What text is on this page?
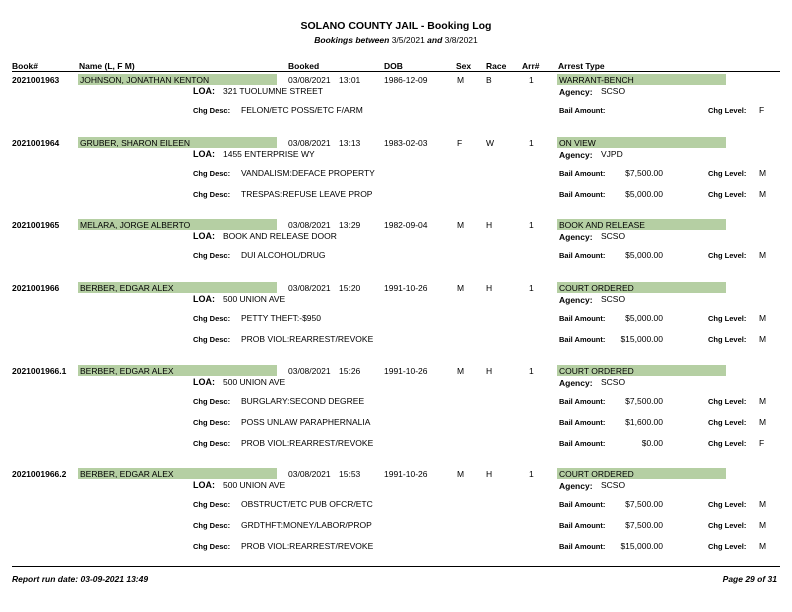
SOLANO COUNTY JAIL - Booking Log
Bookings between 3/5/2021 and 3/8/2021
Book#	Name (L, F M)	Booked	DOB	Sex Race Arr# Arrest Type
2021001963 JOHNSON, JONATHAN KENTON	03/08/2021 13:01	1986-12-09	M	B	1	WARRANT-BENCH
LOA: 321 TUOLUMNE STREET	Agency: SCSO
Chg Desc: FELON/ETC POSS/ETC F/ARM	Bail Amount:	Chg Level: F
2021001964 GRUBER, SHARON EILEEN	03/08/2021 13:13	1983-02-03	F	W	1	ON VIEW
LOA: 1455 ENTERPRISE WY	Agency: VJPD
Chg Desc: VANDALISM:DEFACE PROPERTY	Bail Amount:	$7,500.00	Chg Level: M
Chg Desc: TRESPAS:REFUSE LEAVE PROP	Bail Amount:	$5,000.00	Chg Level: M
2021001965 MELARA, JORGE ALBERTO	03/08/2021 13:29	1982-09-04	M	H	1	BOOK AND RELEASE
LOA: BOOK AND RELEASE DOOR	Agency: SCSO
Chg Desc: DUI ALCOHOL/DRUG	Bail Amount:	$5,000.00	Chg Level: M
2021001966 BERBER, EDGAR ALEX	03/08/2021 15:20	1991-10-26	M	H	1	COURT ORDERED
LOA: 500 UNION AVE	Agency: SCSO
Chg Desc: PETTY THEFT:-$950	Bail Amount:	$5,000.00	Chg Level: M
Chg Desc: PROB VIOL:REARREST/REVOKE	Bail Amount:	$15,000.00	Chg Level: M
2021001966.1 BERBER, EDGAR ALEX	03/08/2021 15:26	1991-10-26	M	H	1	COURT ORDERED
LOA: 500 UNION AVE	Agency: SCSO
Chg Desc: BURGLARY:SECOND DEGREE	Bail Amount:	$7,500.00	Chg Level: M
Chg Desc: POSS UNLAW PARAPHERNALIA	Bail Amount:	$1,600.00	Chg Level: M
Chg Desc: PROB VIOL:REARREST/REVOKE	Bail Amount:	$0.00	Chg Level: F
2021001966.2 BERBER, EDGAR ALEX	03/08/2021 15:53	1991-10-26	M	H	1	COURT ORDERED
LOA: 500 UNION AVE	Agency: SCSO
Chg Desc: OBSTRUCT/ETC PUB OFCR/ETC	Bail Amount:	$7,500.00	Chg Level: M
Chg Desc: GRDTHFT:MONEY/LABOR/PROP	Bail Amount:	$7,500.00	Chg Level: M
Chg Desc: PROB VIOL:REARREST/REVOKE	Bail Amount:	$15,000.00	Chg Level: M
Report run date: 03-09-2021 13:49	Page 29 of 31
